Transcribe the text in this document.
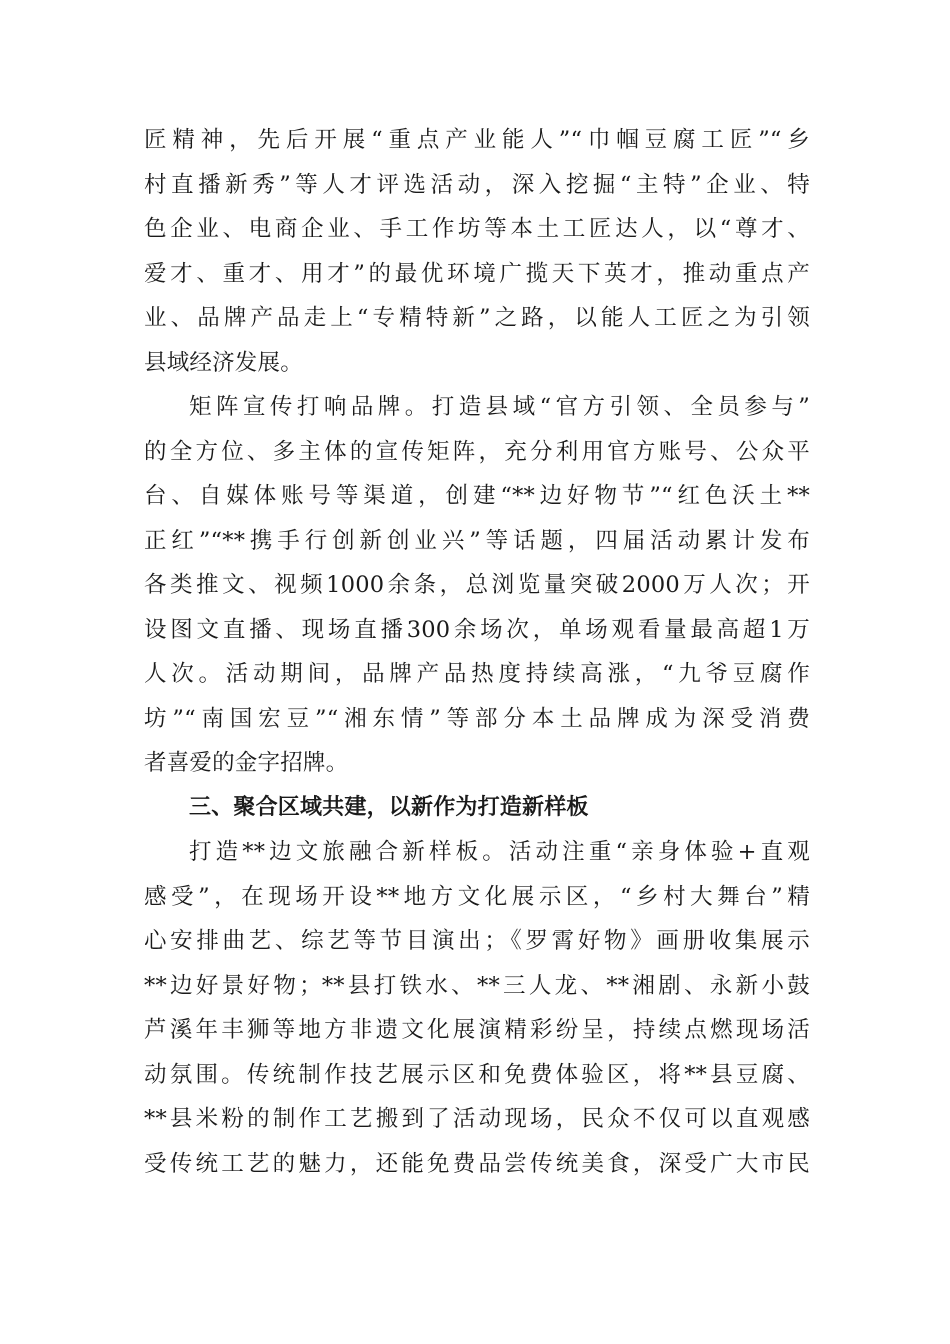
匠精神，先后开展“重点产业能人”“巾帼豆腐工匠”“乡
村直播新秀”等人才评选活动，深入挖掘“主特”企业、特
色企业、电商企业、手工作坊等本土工匠达人，以“尊才、
爱才、重才、用才”的最优环境广揽天下英才，推动重点产
业、品牌产品走上“专精特新”之路，以能人工匠之为引领
县域经济发展。
矩阵宣传打响品牌。打造县域“官方引领、全员参与”
的全方位、多主体的宣传矩阵，充分利用官方账号、公众平
台、自媒体账号等渠道，创建“**边好物节”“红色沃土**
正红”“**携手行创新创业兴”等话题，四届活动累计发布
各类推文、视频1000余条，总浏览量突破2000万人次；开
设图文直播、现场直播300余场次，单场观看量最高超1万
人次。活动期间，品牌产品热度持续高涨，“九爷豆腐作
坊”“南国宏豆”“湘东情”等部分本土品牌成为深受消费
者喜爱的金字招牌。
三、聚合区域共建，以新作为打造新样板
打造**边文旅融合新样板。活动注重“亲身体验+直观
感受”，在现场开设**地方文化展示区，“乡村大舞台”精
心安排曲艺、综艺等节目演出；《罗霄好物》画册收集展示
**边好景好物；**县打铁水、**三人龙、**湘剧、永新小鼓
芦溪年丰狮等地方非遗文化展演精彩纷呈，持续点燃现场活
动氛围。传统制作技艺展示区和免费体验区，将**县豆腐、
**县米粉的制作工艺搬到了活动现场，民众不仅可以直观感
受传统工艺的魅力，还能免费品尝传统美食，深受广大市民
